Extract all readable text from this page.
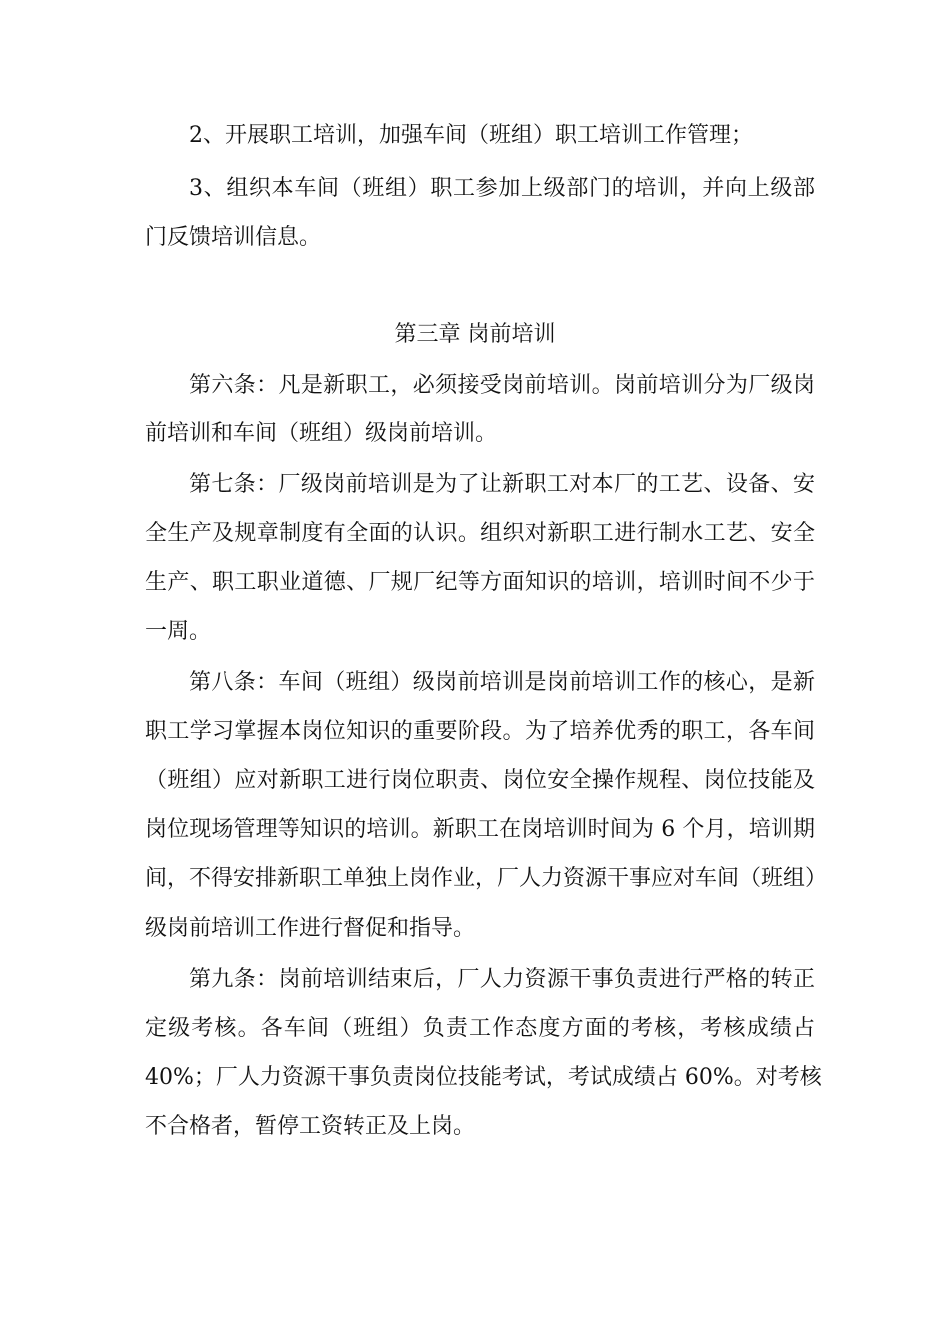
2、开展职工培训，加强车间（班组）职工培训工作管理；
3、组织本车间（班组）职工参加上级部门的培训，并向上级部
门反馈培训信息。
第三章 岗前培训
第六条：凡是新职工，必须接受岗前培训。岗前培训分为厂级岗
前培训和车间（班组）级岗前培训。
第七条：厂级岗前培训是为了让新职工对本厂的工艺、设备、安
全生产及规章制度有全面的认识。组织对新职工进行制水工艺、安全
生产、职工职业道德、厂规厂纪等方面知识的培训，培训时间不少于
一周。
第八条：车间（班组）级岗前培训是岗前培训工作的核心，是新
职工学习掌握本岗位知识的重要阶段。为了培养优秀的职工，各车间
（班组）应对新职工进行岗位职责、岗位安全操作规程、岗位技能及
岗位现场管理等知识的培训。新职工在岗培训时间为 6 个月，培训期
间，不得安排新职工单独上岗作业，厂人力资源干事应对车间（班组）
级岗前培训工作进行督促和指导。
第九条：岗前培训结束后，厂人力资源干事负责进行严格的转正
定级考核。各车间（班组）负责工作态度方面的考核，考核成绩占
40%；厂人力资源干事负责岗位技能考试，考试成绩占 60%。对考核
不合格者，暂停工资转正及上岗。
